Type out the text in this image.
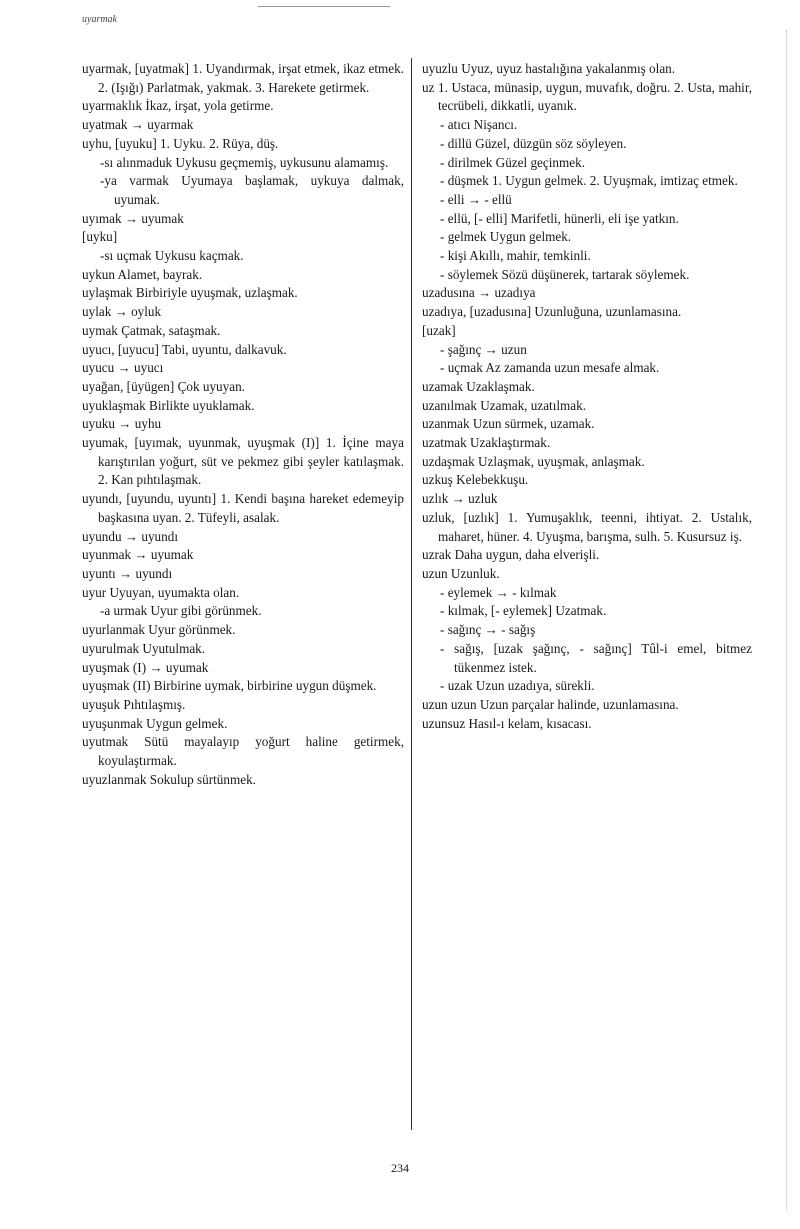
uyarmak
uyarmak, [uyatmak] 1. Uyandırmak, irşat etmek, ikaz etmek. 2. (Işığı) Parlatmak, yakmak. 3. Harekete getirmek.
uyarmaklık İkaz, irşat, yola getirme.
uyatmak → uyarmak
uyhu, [uyuku] 1. Uyku. 2. Rüya, düş.
-sı alınmaduk Uykusu geçmemiş, uykusunu alamamış.
-ya varmak Uyumaya başlamak, uykuya dalmak, uyumak.
uyımak → uyumak
[uyku]
-sı uçmak Uykusu kaçmak.
uykun Alamet, bayrak.
uylaşmak Birbiriyle uyuşmak, uzlaşmak.
uylak → oyluk
uymak Çatmak, sataşmak.
uyucı, [uyucu] Tabi, uyuntu, dalkavuk.
uyucu → uyucı
uyağan, [üyügen] Çok uyuyan.
uyuklaşmak Birlikte uyuklamak.
uyuku → uyhu
uyumak, [uyımak, uyunmak, uyuşmak (I)] 1. İçine maya karıştırılan yoğurt, süt ve pekmez gibi şeyler katılaşmak. 2. Kan pıhtılaşmak.
uyundı, [uyundu, uyuntı] 1. Kendi başına hareket edemeyip başkasına uyan. 2. Tüfeyli, asalak.
uyundu → uyundı
uyunmak → uyumak
uyuntı → uyundı
uyur Uyuyan, uyumakta olan.
-a urmak Uyur gibi görünmek.
uyurlanmak Uyur görünmek.
uyurulmak Uyutulmak.
uyuşmak (I) → uyumak
uyuşmak (II) Birbirine uymak, birbirine uygun düşmek.
uyuşuk Pıhtılaşmış.
uyuşunmak Uygun gelmek.
uyutmak Sütü mayalayıp yoğurt haline getirmek, koyulaştırmak.
uyuzlanmak Sokulup sürtünmek.
uyuzlu Uyuz, uyuz hastalığına yakalanmış olan.
uz 1. Ustaca, münasip, uygun, muvafık, doğru. 2. Usta, mahir, tecrübeli, dikkatli, uyanık.
- atıcı Nişancı.
- dillü Güzel, düzgün söz söyleyen.
- dirilmek Güzel geçinmek.
- düşmek 1. Uygun gelmek. 2. Uyuşmak, imtizaç etmek.
- elli → - ellü
- ellü, [- elli] Marifetli, hünerli, eli işe yatkın.
- gelmek Uygun gelmek.
- kişi Akıllı, mahir, temkinli.
- söylemek Sözü düşünerek, tartarak söylemek.
uzadusına → uzadıya
uzadıya, [uzadusına] Uzunluğuna, uzunlamasına.
[uzak]
- şağınç → uzun
- uçmak Az zamanda uzun mesafe almak.
uzamak Uzaklaşmak.
uzanılmak Uzamak, uzatılmak.
uzanmak Uzun sürmek, uzamak.
uzatmak Uzaklaştırmak.
uzdaşmak Uzlaşmak, uyuşmak, anlaşmak.
uzkuş Kelebekkuşu.
uzlık → uzluk
uzluk, [uzlık] 1. Yumuşaklık, teenni, ihtiyat. 2. Ustalık, maharet, hüner. 4. Uyuşma, barışma, sulh. 5. Kusursuz iş.
uzrak Daha uygun, daha elverişli.
uzun Uzunluk.
- eylemek → - kılmak
- kılmak, [- eylemek] Uzatmak.
- sağınç → - sağış
- sağış, [uzak şağınç, - sağınç] Tûl-i emel, bitmez tükenmez istek.
- uzak Uzun uzadıya, sürekli.
uzun uzun Uzun parçalar halinde, uzunlamasına.
uzunsuz Hasıl-ı kelam, kısacası.
234
